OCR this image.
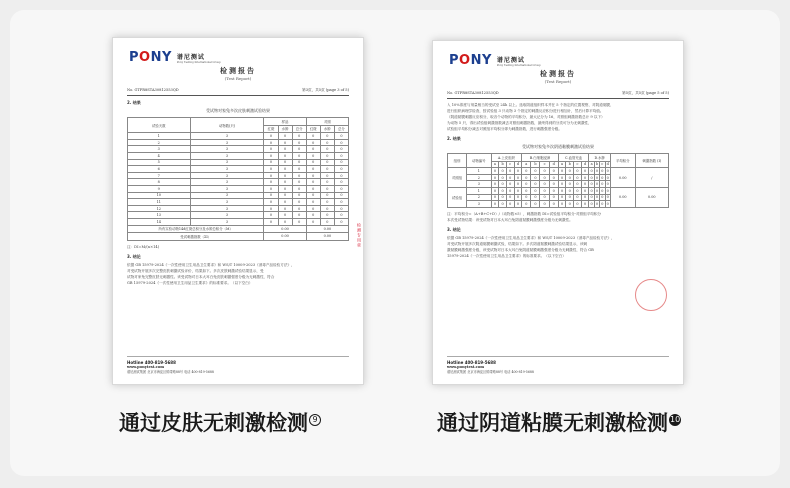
PONY 谱尼测试
Pony Testing International Group
检测报告
(Test Report)
No. GTFR8STA30812553QD	第3页，共5页 (page 3 of 5)
2. 结果
受试物对家兔多次皮肤刺激试验结果
试验天数	动物数(只)	样品			对照		
		红斑	水肿	总分	红斑	水肿	总分
1	3	0	0	0	0	0	0
2	3	0	0	0	0	0	0
3	3	0	0	0	0	0	0
4	3	0	0	0	0	0	0
5	3	0	0	0	0	0	0
6	3	0	0	0	0	0	0
7	3	0	0	0	0	0	0
8	3	0	0	0	0	0	0
9	3	0	0	0	0	0	0
10	3	0	0	0	0	0	0
11	3	0	0	0	0	0	0
12	3	0	0	0	0	0	0
13	3	0	0	0	0	0	0
14	3	0	0	0	0	0	0
所有实验动物14d红斑总积分及水肿总积分（M）		0.00			0.00		
受试刺激指数（ΣI）		0.00			0.00		
注：DI=M/(n×14)
3. 结论
依据 GB 15979-2024《一次性使用卫生用品卫生要求》和 WS/T 10009-2023《消毒产品检验方法》，
对受试物开展多次完整皮肤刺激试验评价，结果如下。多次皮肤刺激试验结果显示，受
试物对家兔完整皮肤无刺激性。该受试物对日本大耳白兔皮肤刺激强度分级为无刺激性，符合
GB 15979-2024《一次性使用卫生用品卫生要求》的标准要求。（以下空白）
Hotline 400-819-5688
www.ponytest.com
谱尼测试集团 北京市海淀区锦带路88号 电话 400-819-5688
检测专用章
PONY 谱尼测试
Pony Testing International Group
检测报告
(Test Report)
No. GTFR8STA30812553QD	第5页，共5页 (page 5 of 5)
入 10%浓度与剂量相当的受试至 24h 以上。选取阴道组织样本并在 5 个指定的位置观察，对阴道黏膜、
进行组织病理学检查，按试验组 3 只动物 3 个指定的刺激反应积分进行相加计，然后计算平均值。
（阴道黏膜刺激反应积分，取各个动物的平均积分，最大记分为 16，对照组刺激指数总计 9 以下）
为动物 5 只，得出试验组刺激指数减去对照组刺激指数，最终得到的分类可分为无刺激性，
试验组平均积分减去对照组平均积分即为刺激指数，进行刺激强度分级。
2. 结果
受试物对家兔多次阴道黏膜刺激试验结果
组别	动物编号	A.上皮组织				B.白细胞浸润				C.血管充血				D.水肿				平均积分	刺激指数 (I)
		a	b	c	d	a	b	c	d	a	b	c	d	a	b	c	d		
对照组	1	0	0	0	0	0	0	0	0	0	0	0	0	0	0	0	0	0.00	/
	2	0	0	0	0	0	0	0	0	0	0	0	0	0	0	0	0		
	3	0	0	0	0	0	0	0	0	0	0	0	0	0	0	0	0		
试验组	1	0	0	0	0	0	0	0	0	0	0	0	0	0	0	0	0	0.00	0.00
	2	0	0	0	0	0	0	0	0	0	0	0	0	0	0	0	0		
	3	0	0	0	0	0	0	0	0	0	0	0	0	0	0	0	0		
注：平均积分=（A+B+C+D）/（动物数×5），刺激指数 DI=试验组平均积分-对照组平均积分
本次受试物结果：该受试物对日本大耳白兔阴道黏膜刺激强度分级为无刺激性。
3. 结论
依据 GB 15979-2024《一次性使用卫生用品卫生要求》和 WS/T 10009-2023《消毒产品检验方法》，
对受试物开展多次阴道黏膜刺激试验，结果如下。多次阴道黏膜刺激试验结果显示，该刺
激黏膜刺激强度分级，该受试物对日本大耳白兔阴道黏膜刺激强度分级为无刺激性，符合 GB
15979-2024《一次性使用卫生用品卫生要求》的标准要求。（以下空白）
Hotline 400-819-5688
www.ponytest.com
谱尼测试集团 北京市海淀区锦带路88号 电话 400-819-5688
通过皮肤无刺激检测 9	通过阴道粘膜无刺激检测 10
